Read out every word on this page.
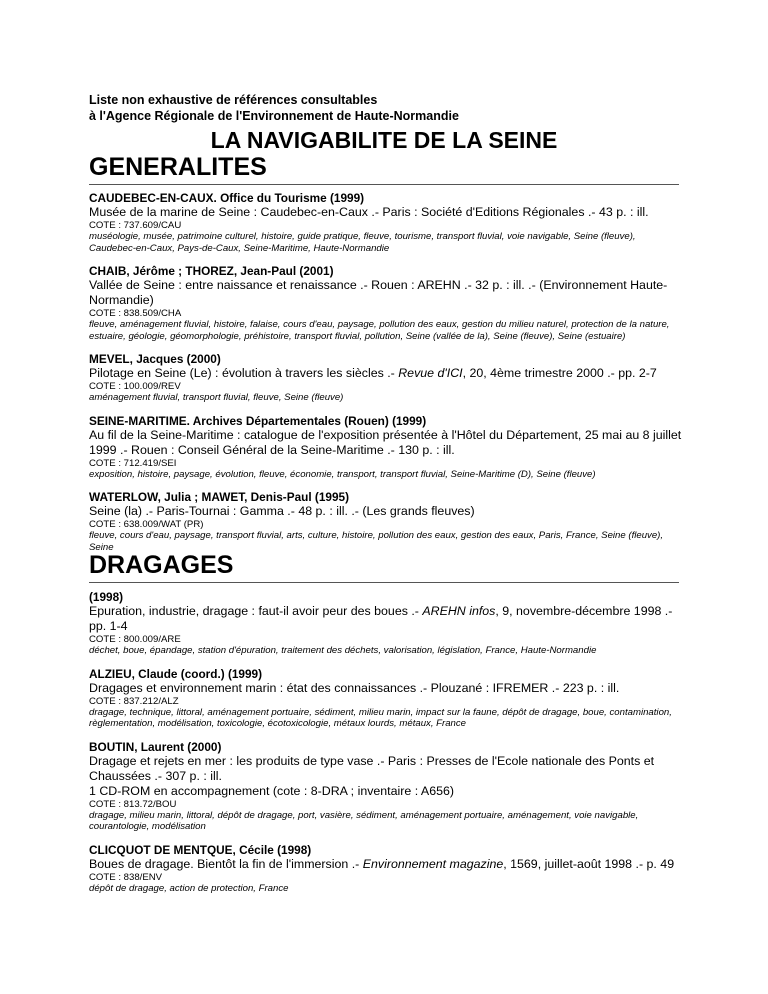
Liste non exhaustive de références consultables
à l'Agence Régionale de l'Environnement de Haute-Normandie
LA NAVIGABILITE DE LA SEINE
GENERALITES
CAUDEBEC-EN-CAUX. Office du Tourisme (1999)
Musée de la marine de Seine : Caudebec-en-Caux .- Paris : Société d'Editions Régionales .- 43 p. : ill.
COTE : 737.609/CAU
muséologie, musée, patrimoine culturel, histoire, guide pratique, fleuve, tourisme, transport fluvial, voie navigable, Seine (fleuve), Caudebec-en-Caux, Pays-de-Caux, Seine-Maritime, Haute-Normandie
CHAIB, Jérôme ; THOREZ, Jean-Paul (2001)
Vallée de Seine : entre naissance et renaissance .- Rouen : AREHN .- 32 p. : ill. .- (Environnement Haute-Normandie)
COTE : 838.509/CHA
fleuve, aménagement fluvial, histoire, falaise, cours d'eau, paysage, pollution des eaux, gestion du milieu naturel, protection de la nature, estuaire, géologie, géomorphologie, préhistoire, transport fluvial, pollution, Seine (vallée de la), Seine (fleuve), Seine (estuaire)
MEVEL, Jacques (2000)
Pilotage en Seine (Le) : évolution à travers les siècles .- Revue d'ICI, 20, 4ème trimestre 2000 .- pp. 2-7
COTE : 100.009/REV
aménagement fluvial, transport fluvial, fleuve, Seine (fleuve)
SEINE-MARITIME. Archives Départementales (Rouen) (1999)
Au fil de la Seine-Maritime : catalogue de l'exposition présentée à l'Hôtel du Département, 25 mai au 8 juillet 1999 .- Rouen : Conseil Général de la Seine-Maritime .- 130 p. : ill.
COTE : 712.419/SEI
exposition, histoire, paysage, évolution, fleuve, économie, transport, transport fluvial, Seine-Maritime (D), Seine (fleuve)
WATERLOW, Julia ; MAWET, Denis-Paul (1995)
Seine (la) .- Paris-Tournai : Gamma .- 48 p. : ill. .- (Les grands fleuves)
COTE : 638.009/WAT (PR)
fleuve, cours d'eau, paysage, transport fluvial, arts, culture, histoire, pollution des eaux, gestion des eaux, Paris, France, Seine (fleuve), Seine
DRAGAGES
(1998)
Epuration, industrie, dragage : faut-il avoir peur des boues .- AREHN infos, 9, novembre-décembre 1998 .- pp. 1-4
COTE : 800.009/ARE
déchet, boue, épandage, station d'épuration, traitement des déchets, valorisation, législation, France, Haute-Normandie
ALZIEU, Claude (coord.) (1999)
Dragages et environnement marin : état des connaissances .- Plouzané : IFREMER .- 223 p. : ill.
COTE : 837.212/ALZ
dragage, technique, littoral, aménagement portuaire, sédiment, milieu marin, impact sur la faune, dépôt de dragage, boue, contamination, règlementation, modélisation, toxicologie, écotoxicologie, métaux lourds, métaux, France
BOUTIN, Laurent (2000)
Dragage et rejets en mer : les produits de type vase .- Paris : Presses de l'Ecole nationale des Ponts et Chaussées .- 307 p. : ill.
1 CD-ROM en accompagnement (cote : 8-DRA ; inventaire : A656)
COTE : 813.72/BOU
dragage, milieu marin, littoral, dépôt de dragage, port, vasière, sédiment, aménagement portuaire, aménagement, voie navigable, courantologie, modélisation
CLICQUOT DE MENTQUE, Cécile (1998)
Boues de dragage. Bientôt la fin de l'immersion .- Environnement magazine, 1569, juillet-août 1998 .- p. 49
COTE : 838/ENV
dépôt de dragage, action de protection, France
